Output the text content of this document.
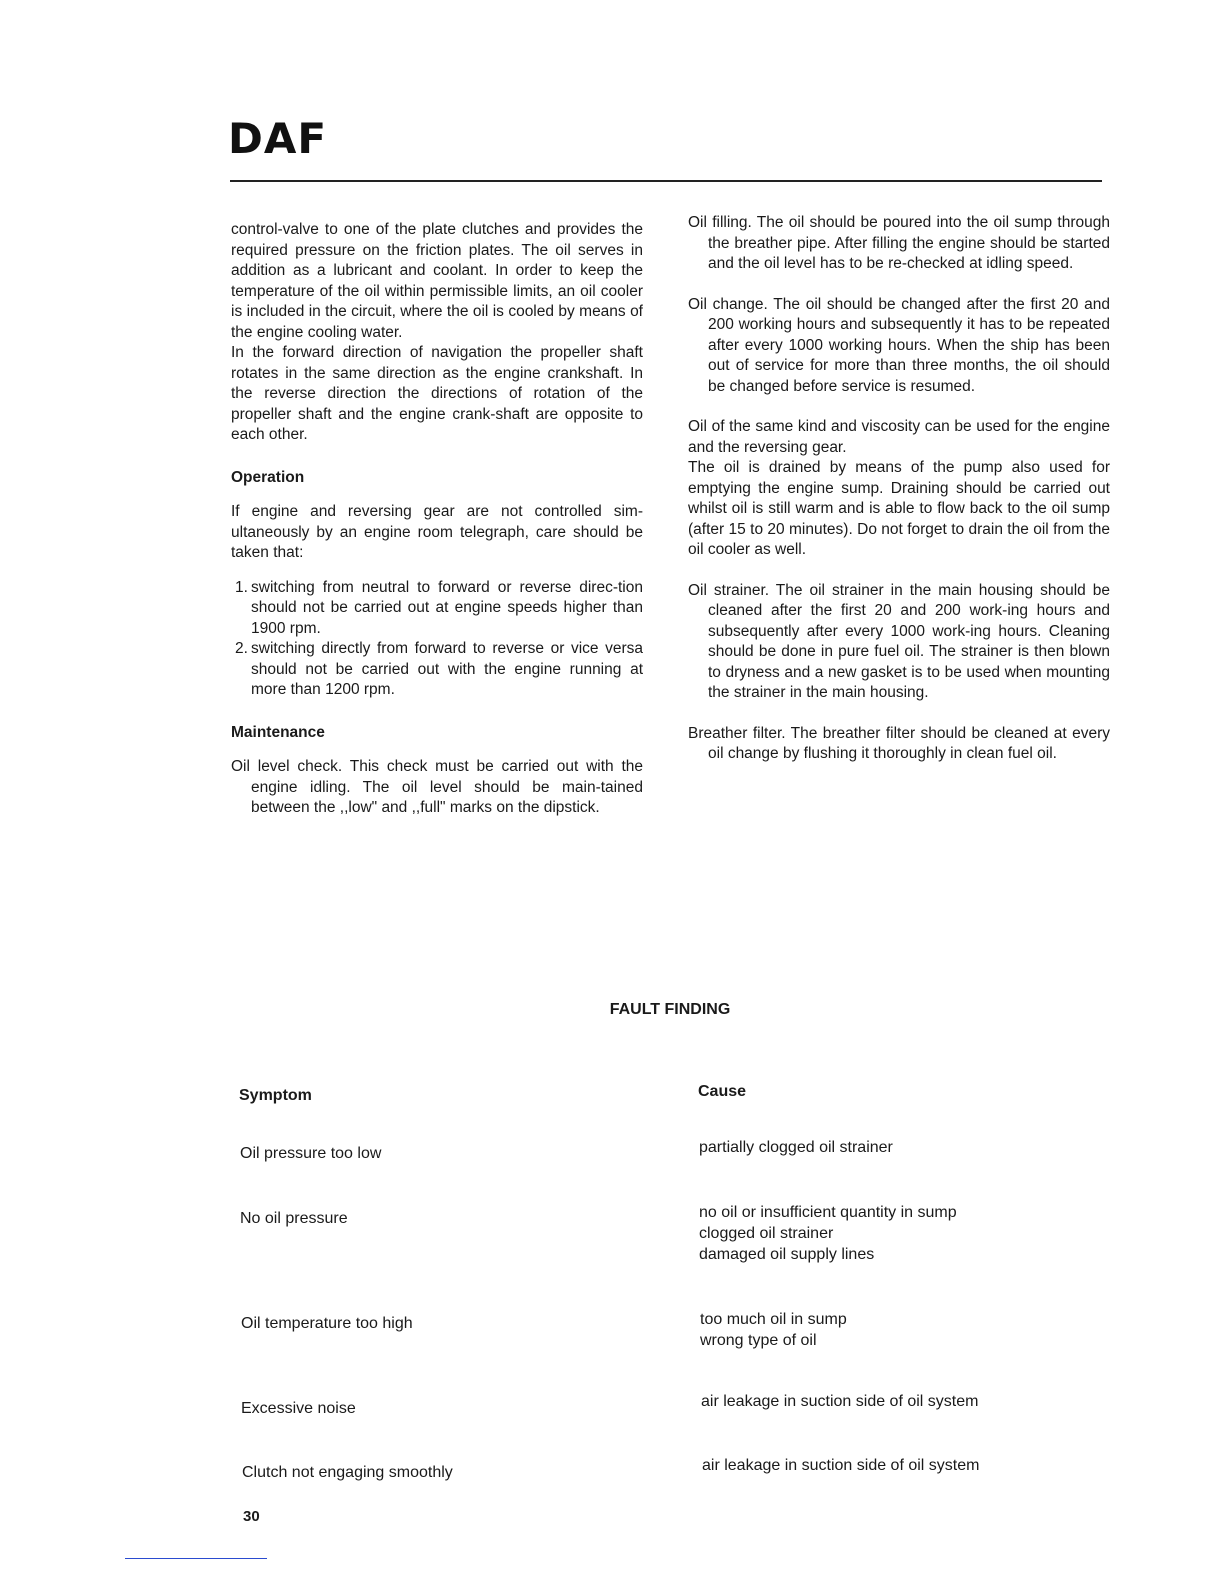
DAF

control-valve to one of the plate clutches and provides the required pressure on the friction plates. The oil serves in addition as a lubricant and coolant. In order to keep the temperature of the oil within permissible limits, an oil cooler is included in the circuit, where the oil is cooled by means of the engine cooling water.

In the forward direction of navigation the propeller shaft rotates in the same direction as the engine crankshaft. In the reverse direction the directions of rotation of the propeller shaft and the engine crank-shaft are opposite to each other.

Operation

If engine and reversing gear are not controlled sim-ultaneously by an engine room telegraph, care should be taken that:

1. switching from neutral to forward or reverse direc-tion should not be carried out at engine speeds higher than 1900 rpm.
2. switching directly from forward to reverse or vice versa should not be carried out with the engine running at more than 1200 rpm.
Maintenance

Oil level check. This check must be carried out with the engine idling. The oil level should be main-tained between the ,,low" and ,,full" marks on the dipstick.

Oil filling. The oil should be poured into the oil sump through the breather pipe. After filling the engine should be started and the oil level has to be re-checked at idling speed.

Oil change. The oil should be changed after the first 20 and 200 working hours and subsequently it has to be repeated after every 1000 working hours. When the ship has been out of service for more than three months, the oil should be changed before service is resumed.

Oil of the same kind and viscosity can be used for the engine and the reversing gear.

The oil is drained by means of the pump also used for emptying the engine sump. Draining should be carried out whilst oil is still warm and is able to flow back to the oil sump (after 15 to 20 minutes). Do not forget to drain the oil from the oil cooler as well.

Oil strainer. The oil strainer in the main housing should be cleaned after the first 20 and 200 work-ing hours and subsequently after every 1000 work-ing hours. Cleaning should be done in pure fuel oil. The strainer is then blown to dryness and a new gasket is to be used when mounting the strainer in the main housing.

Breather filter. The breather filter should be cleaned at every oil change by flushing it thoroughly in clean fuel oil.

FAULT FINDING
Symptom	Cause
Oil pressure too low	partially clogged oil strainer
No oil pressure	no oil or insufficient quantity in sump
clogged oil strainer
damaged oil supply lines
Oil temperature too high	too much oil in sump
wrong type of oil
Excessive noise	air leakage in suction side of oil system
Clutch not engaging smoothly	air leakage in suction side of oil system
30
